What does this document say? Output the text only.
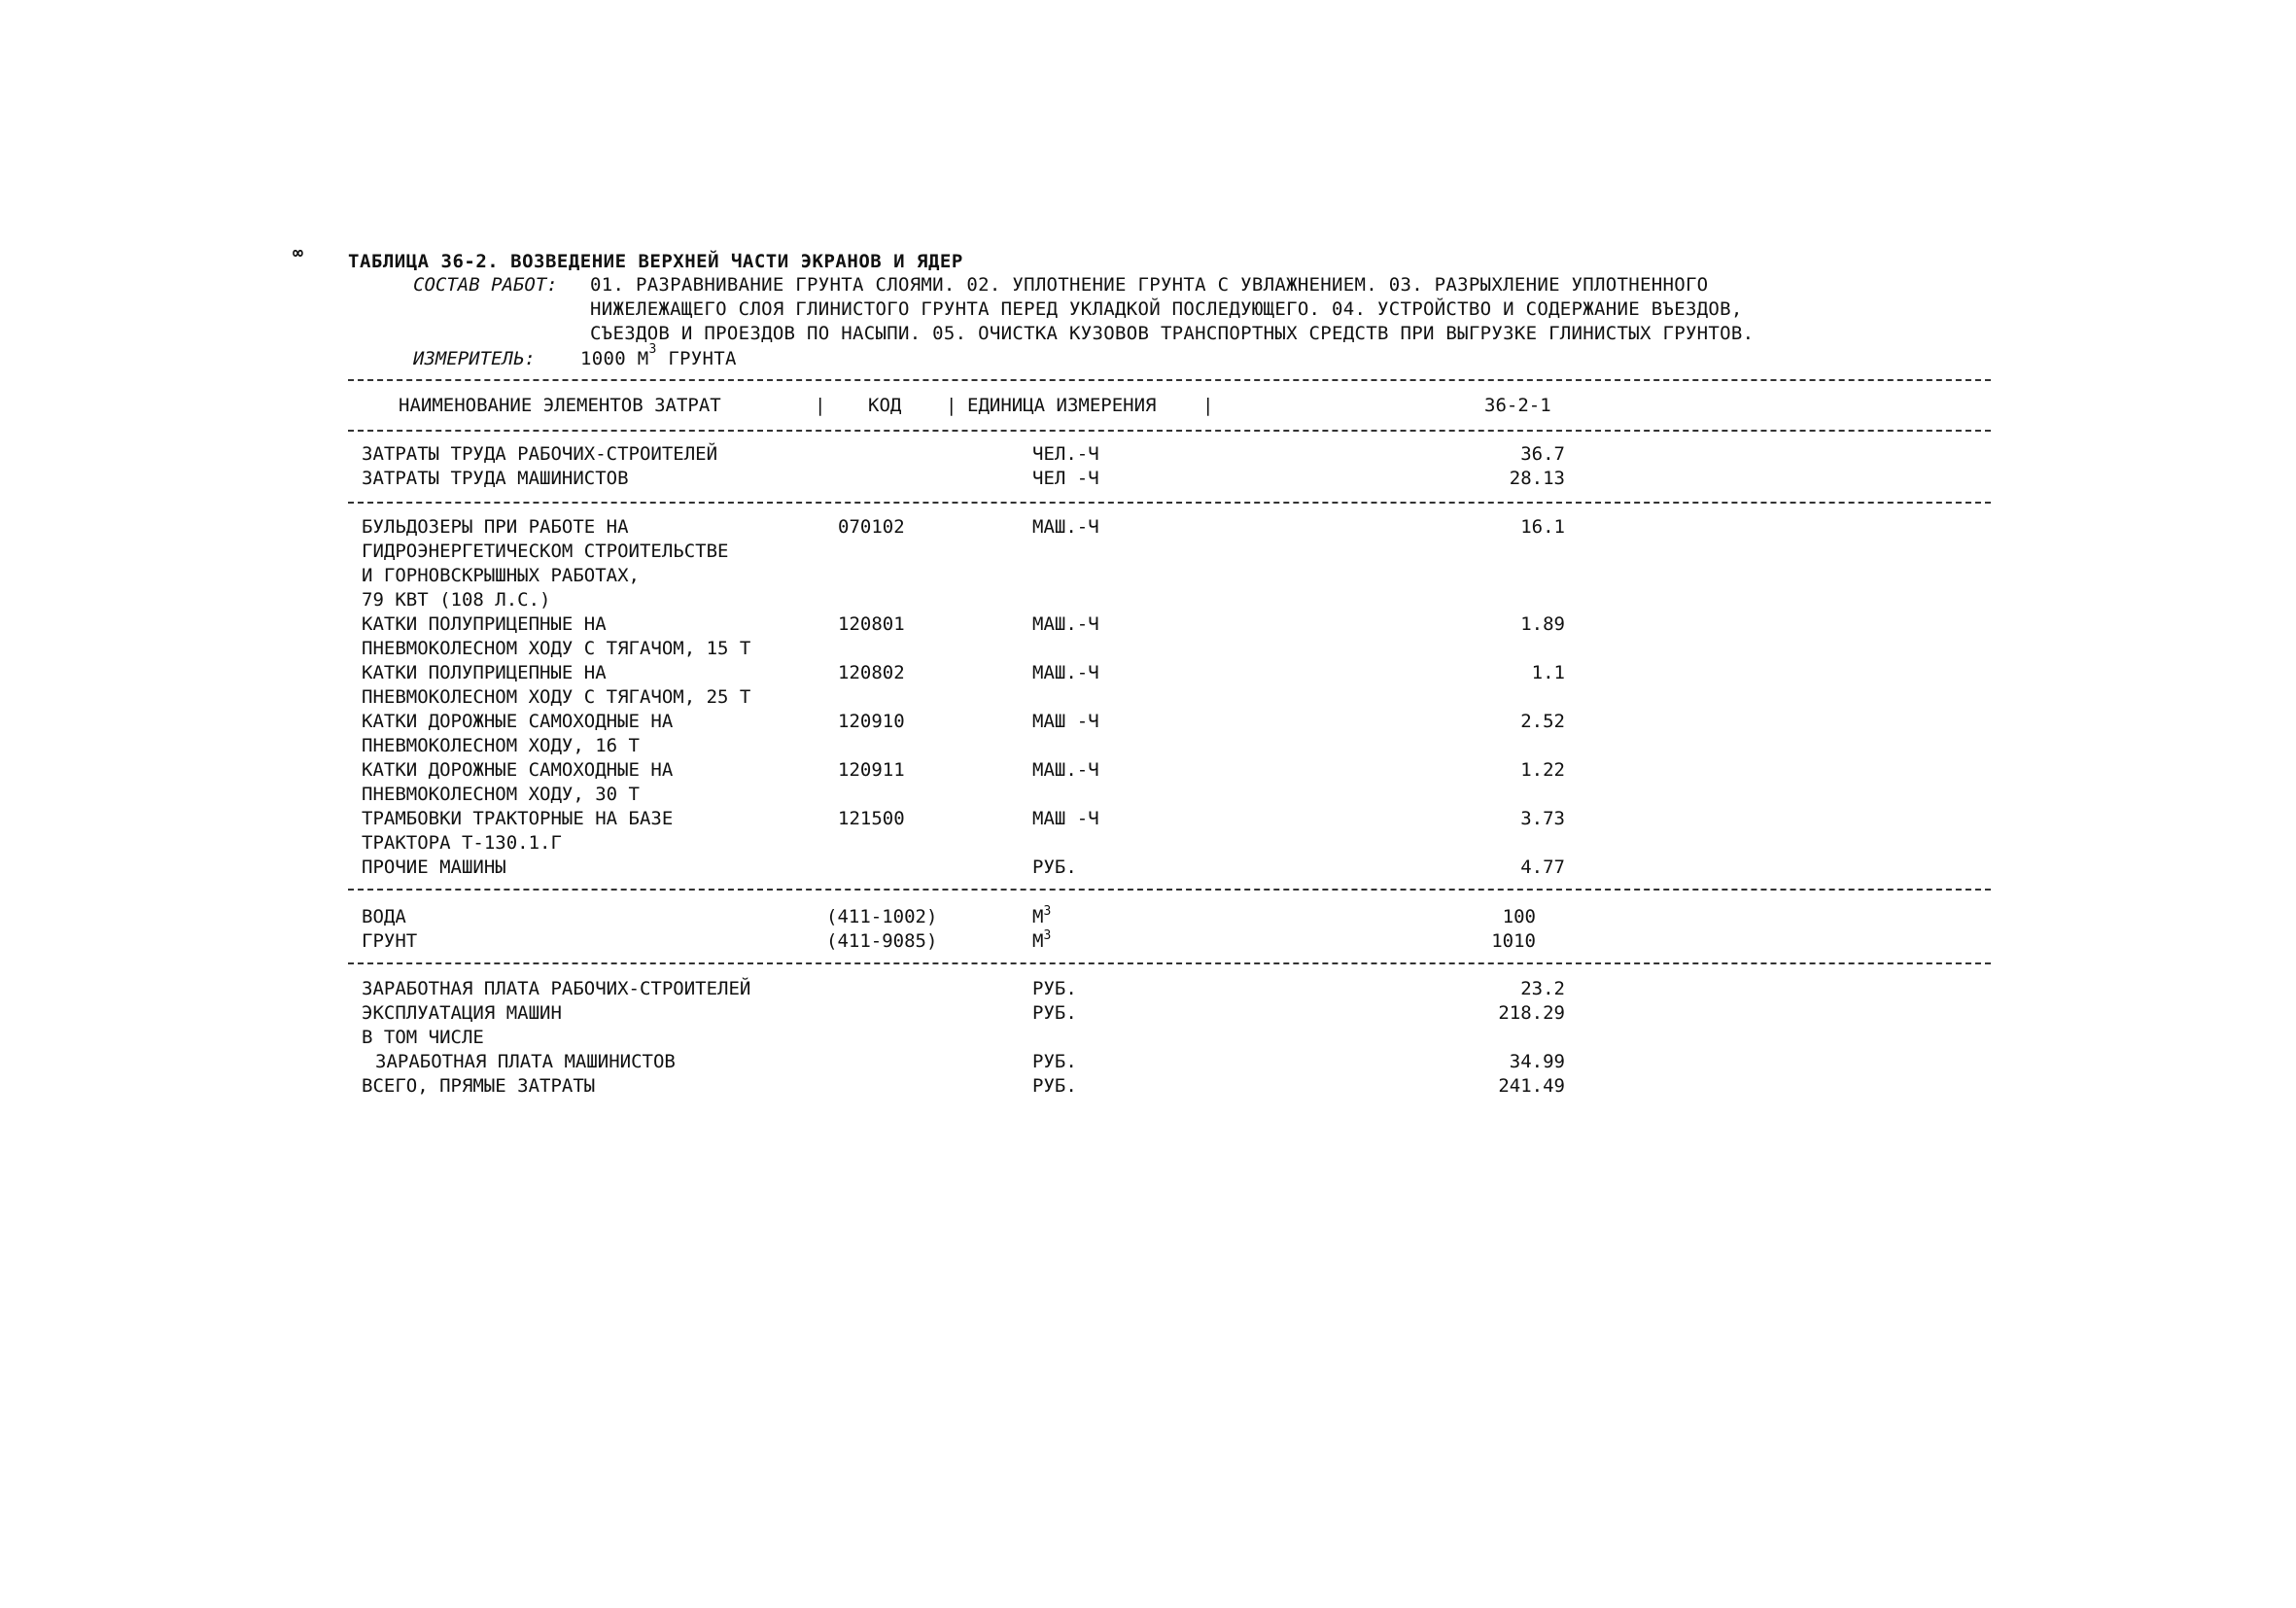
∞ ТАБЛИЦА 36-2. ВОЗВЕДЕНИЕ ВЕРХНЕЙ ЧАСТИ ЭКРАНОВ И ЯДЕР
СОСТАВ РАБОТ: 01. РАЗРАВНИВАНИЕ ГРУНТА СЛОЯМИ. 02. УПЛОТНЕНИЕ ГРУНТА С УВЛАЖНЕНИЕМ. 03. РАЗРЫХЛЕНИЕ УПЛОТНЕННОГО
НИЖЕЛЕЖАЩЕГО СЛОЯ ГЛИНИСТОГО ГРУНТА ПЕРЕД УКЛАДКОЙ ПОСЛЕДУЮЩЕГО. 04. УСТРОЙСТВО И СОДЕРЖАНИЕ ВЪЕЗДОВ,
СЪЕЗДОВ И ПРОЕЗДОВ ПО НАСЫПИ. 05. ОЧИСТКА КУЗОВОВ ТРАНСПОРТНЫХ СРЕДСТВ ПРИ ВЫГРУЗКЕ ГЛИНИСТЫХ ГРУНТОВ.
ИЗМЕРИТЕЛЬ: 1000 $М^3$ ГРУНТА
НАИМЕНОВАНИЕ ЭЛЕМЕНТОВ ЗАТРАТ	| КОД | ЕДИНИЦА ИЗМЕРЕНИЯ	|	36-2-1
ЗАТРАТЫ ТРУДА РАБОЧИХ-СТРОИТЕЛЕЙ	ЧЕЛ.-Ч	36.7
ЗАТРАТЫ ТРУДА МАШИНИСТОВ	ЧЕЛ -Ч	28.13
БУЛЬДОЗЕРЫ ПРИ РАБОТЕ НА
ГИДРОЭНЕРГЕТИЧЕСКОМ СТРОИТЕЛЬСТВЕ
И ГОРНОВСКРЫШНЫХ РАБОТАХ,
79 КВТ (108 Л.С.)
070102	МАШ.-Ч	16.1
КАТКИ ПОЛУПРИЦЕПНЫЕ НА
ПНЕВМОКОЛЕСНОМ ХОДУ С ТЯГАЧОМ, 15 Т
120801	МАШ.-Ч	1.89
КАТКИ ПОЛУПРИЦЕПНЫЕ НА
ПНЕВМОКОЛЕСНОМ ХОДУ С ТЯГАЧОМ, 25 Т
120802	МАШ.-Ч	1.1
КАТКИ ДОРОЖНЫЕ САМОХОДНЫЕ НА
ПНЕВМОКОЛЕСНОМ ХОДУ, 16 Т
120910	МАШ -Ч	2.52
КАТКИ ДОРОЖНЫЕ САМОХОДНЫЕ НА
ПНЕВМОКОЛЕСНОМ ХОДУ, 30 Т
120911	МАШ.-Ч	1.22
ТРАМБОВКИ ТРАКТОРНЫЕ НА БАЗЕ
ТРАКТОРА Т-130.1.Г
121500	МАШ -Ч	3.73
ПРОЧИЕ МАШИНЫ	РУБ.	4.77
ВОДА	(411-1002)	$М^3$	100
ГРУНТ	(411-9085)	$М^3$	1010
ЗАРАБОТНАЯ ПЛАТА РАБОЧИХ-СТРОИТЕЛЕЙ	РУБ.	23.2
ЭКСПЛУАТАЦИЯ МАШИН	РУБ.	218.29
В ТОМ ЧИСЛЕ
ЗАРАБОТНАЯ ПЛАТА МАШИНИСТОВ	РУБ.	34.99
ВСЕГО, ПРЯМЫЕ ЗАТРАТЫ	РУБ.	241.49
